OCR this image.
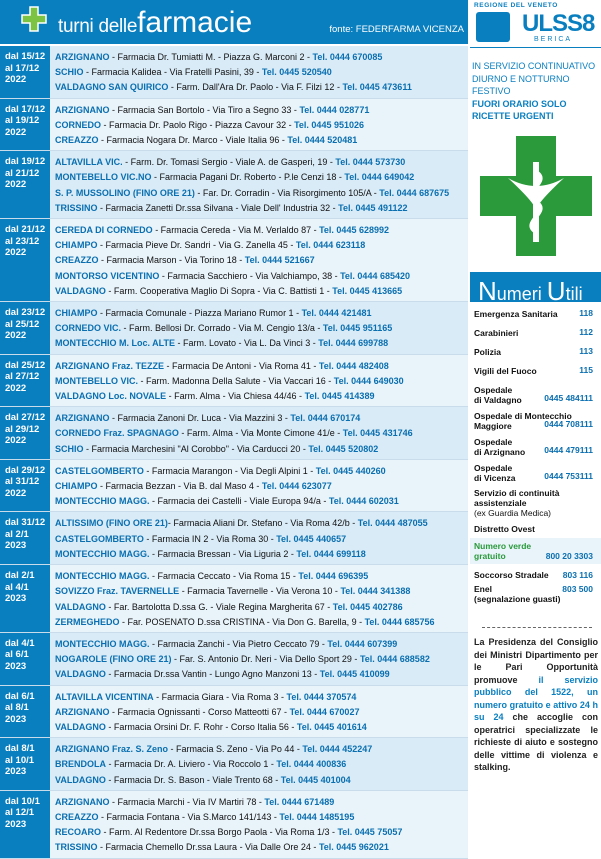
turni dellefarmacie	fonte: FEDERFARMA VICENZA
dal 15/12
al 17/12
2022
ARZIGNANO - Farmacia Dr. Tumiatti M. - Piazza G. Marconi 2 - Tel. 0444 670085
SCHIO - Farmacia Kalidea - Via Fratelli Pasini, 39 - Tel. 0445 520540
VALDAGNO SAN QUIRICO - Farm. Dall'Ara Dr. Paolo - Via F. Filzi 12 - Tel. 0445 473611
dal 17/12
al 19/12
2022
ARZIGNANO - Farmacia San Bortolo - Via Tiro a Segno 33 - Tel. 0444 028771
CORNEDO - Farmacia Dr. Paolo Rigo - Piazza Cavour 32 - Tel. 0445 951026
CREAZZO - Farmacia Nogara Dr. Marco - Viale Italia 96 - Tel. 0444 520481
dal 19/12
al 21/12
2022
ALTAVILLA VIC. - Farm. Dr. Tomasi Sergio - Viale A. de Gasperi, 19 - Tel. 0444 573730
MONTEBELLO VIC.NO - Farmacia Pagani Dr. Roberto - P.le Cenzi 18 - Tel. 0444 649042
S. P. MUSSOLINO (FINO ORE 21) - Far. Dr. Corradin - Via Risorgimento 105/A - Tel. 0444 687675
TRISSINO - Farmacia Zanetti Dr.ssa Silvana - Viale Dell' Industria 32 - Tel. 0445 491122
dal 21/12
al 23/12
2022
CEREDA DI CORNEDO - Farmacia Cereda - Via M. Verlaldo 87 - Tel. 0445 628992
CHIAMPO - Farmacia Pieve Dr. Sandri - Via G. Zanella 45 - Tel. 0444 623118
CREAZZO - Farmacia Marson - Via Torino 18 - Tel. 0444 521667
MONTORSO VICENTINO - Farmacia Sacchiero - Via Valchiampo, 38 - Tel. 0444 685420
VALDAGNO - Farm. Cooperativa Maglio Di Sopra - Via C. Battisti 1 - Tel. 0445 413665
dal 23/12
al 25/12
2022
CHIAMPO - Farmacia Comunale - Piazza Mariano Rumor 1 - Tel. 0444 421481
CORNEDO VIC. - Farm. Bellosi Dr. Corrado - Via M. Cengio 13/a - Tel. 0445 951165
MONTECCHIO M. Loc. ALTE - Farm. Lovato - Via L. Da Vinci 3 - Tel. 0444 699788
dal 25/12
al 27/12
2022
ARZIGNANO Fraz. TEZZE - Farmacia De Antoni - Via Roma 41 - Tel. 0444 482408
MONTEBELLO VIC. - Farm. Madonna Della Salute - Via Vaccari 16 - Tel. 0444 649030
VALDAGNO Loc. NOVALE - Farm. Alma - Via Chiesa 44/46 - Tel. 0445 414389
dal 27/12
al 29/12
2022
ARZIGNANO - Farmacia Zanoni Dr. Luca - Via Mazzini 3 - Tel. 0444 670174
CORNEDO Fraz. SPAGNAGO - Farm. Alma - Via Monte Cimone 41/e - Tel. 0445 431746
SCHIO - Farmacia Marchesini "Al Corobbo" - Via Carducci 20 - Tel. 0445 520802
dal 29/12
al 31/12
2022
CASTELGOMBERTO - Farmacia Marangon - Via Degli Alpini 1 - Tel. 0445 440260
CHIAMPO - Farmacia Bezzan - Via B. dal Maso 4 - Tel. 0444 623077
MONTECCHIO MAGG. - Farmacia dei Castelli - Viale Europa 94/a - Tel. 0444 602031
dal 31/12
al 2/1
2023
ALTISSIMO (FINO ORE 21)- Farmacia Aliani Dr. Stefano - Via Roma 42/b - Tel. 0444 487055
CASTELGOMBERTO - Farmacia IN 2 - Via Roma 30 - Tel. 0445 440657
MONTECCHIO MAGG. - Farmacia Bressan - Via Liguria 2 - Tel. 0444 699118
dal 2/1
al 4/1
2023
MONTECCHIO MAGG. - Farmacia Ceccato - Via Roma 15 - Tel. 0444 696395
SOVIZZO Fraz. TAVERNELLE - Farmacia Tavernelle - Via Verona 10 - Tel. 0444 341388
VALDAGNO - Far. Bartolotta D.ssa G. - Viale Regina Margherita 67 - Tel. 0445 402786
ZERMEGHEDO - Far. POSENATO D.ssa CRISTINA - Via Don G. Barella, 9 - Tel. 0444 685756
dal 4/1
al 6/1
2023
MONTECCHIO MAGG. - Farmacia Zanchi - Via Pietro Ceccato 79 - Tel. 0444 607399
NOGAROLE (FINO ORE 21) - Far. S. Antonio Dr. Neri - Via Dello Sport 29 - Tel. 0444 688582
VALDAGNO - Farmacia Dr.ssa Vantin - Lungo Agno Manzoni 13 - Tel. 0445 410099
dal 6/1
al 8/1
2023
ALTAVILLA VICENTINA - Farmacia Giara - Via Roma 3 - Tel. 0444 370574
ARZIGNANO - Farmacia Ognissanti - Corso Matteotti 67 - Tel. 0444 670027
VALDAGNO - Farmacia Orsini Dr. F. Rohr - Corso Italia 56 - Tel. 0445 401614
dal 8/1
al 10/1
2023
ARZIGNANO Fraz. S. Zeno - Farmacia S. Zeno - Via Po 44 - Tel. 0444 452247
BRENDOLA - Farmacia Dr. A. Liviero - Via Roccolo 1 - Tel. 0444 400836
VALDAGNO - Farmacia Dr. S. Bason - Viale Trento 68 - Tel. 0445 401004
dal 10/1
al 12/1
2023
ARZIGNANO - Farmacia Marchi - Via IV Martiri 78 - Tel. 0444 671489
CREAZZO - Farmacia Fontana - Via S.Marco 141/143 - Tel. 0444 1485195
RECOARO - Farm. Al Redentore Dr.ssa Borgo Paola - Via Roma 1/3 - Tel. 0445 75057
TRISSINO - Farmacia Chemello Dr.ssa Laura - Via Dalle Ore 24 - Tel. 0445 962021
REGIONE DEL VENETO
ULSS8
BERICA
IN SERVIZIO CONTINUATIVO
DIURNO E NOTTURNO
FESTIVO
FUORI ORARIO SOLO
RICETTE URGENTI
Numeri Utili
Emergenza Sanitaria	118
Carabinieri	112
Polizia	113
Vigili del Fuoco	115
Ospedale
di Valdagno	0445 484111
Ospedale di Montecchio
Maggiore	0444 708111
Ospedale
di Arzignano 0444 479111
Ospedale
di Vicenza	0444 753111
Servizio di continuità
assistenziale
(ex Guardia Medica)
Distretto Ovest
Numero verde
gratuito	800 20 3303
Soccorso Stradale 803 116
Enel
(segnalazione guasti)
803 500
La Presidenza del Consiglio dei Ministri Dipartimento per le Pari Opportunità promuove il servizio pubblico del 1522, un numero gratuito e attivo 24 h su 24 che accoglie con operatrici specializzate le richieste di aiuto e sostegno delle vittime di violenza e stalking.
